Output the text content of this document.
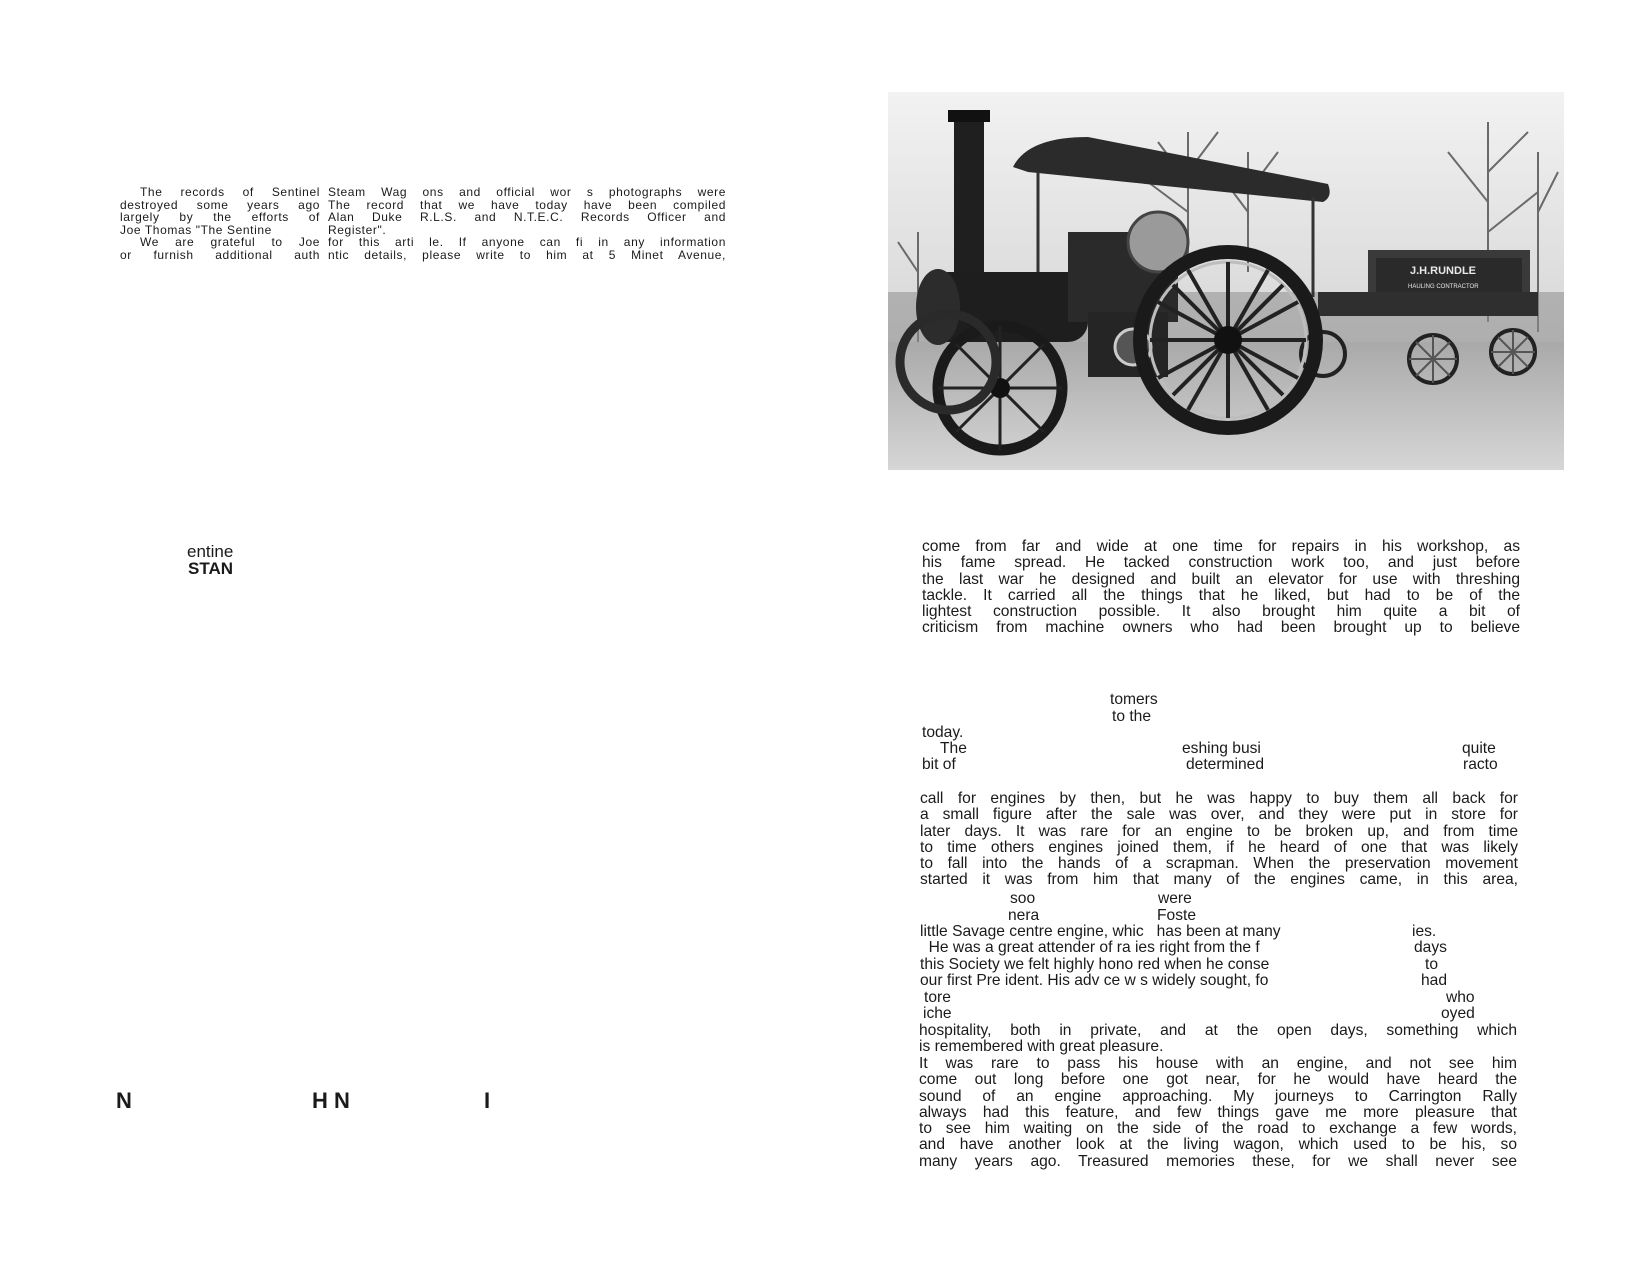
The records of Sentinel
destroyed some years ago
largely by the efforts of
Joe Thomas "The Sentine
We are grateful to Joe
or furnish additional auth
Steam Wag ons and official wor s photographs were
The record that we have today have been compiled
Alan Duke R.L.S. and N.T.E.C. Records Officer and
Register".
for this arti le. If anyone can fi in any information
ntic details, please write to him at 5 Minet Avenue,
entine
STAN
N	H N	I
J.H.RUNDLE
HAULING CONTRACTOR
come from far and wide at one time for repairs in his workshop, as
his fame spread. He tacked construction work too, and just before
the last war he designed and built an elevator for use with threshing
tackle. It carried all the things that he liked, but had to be of the
lightest construction possible. It also brought him quite a bit of
criticism from machine owners who had been brought up to believe
tomers
to the
today.
The	eshing busi	quite
bit of	determined	racto
call for engines by then, but he was happy to buy them all back for
a small figure after the sale was over, and they were put in store for
later days. It was rare for an engine to be broken up, and from time
to time others engines joined them, if he heard of one that was likely
to fall into the hands of a scrapman. When the preservation movement
started it was from him that many of the engines came, in this area,
soo	were
nera	Foste
little Savage centre engine, whic   has been at many	ies.
He was a great attender of ra ies right from the f	days
this Society we felt highly hono red when he conse	to
our first Pre ident. His adv ce w s widely sought, fo	had
tore	who
iche	oyed
hospitality, both in private, and at the open days, something which
is remembered with great pleasure.
It was rare to pass his house with an engine, and not see him
come out long before one got near, for he would have heard the
sound of an engine approaching. My journeys to Carrington Rally
always had this feature, and few things gave me more pleasure that
to see him waiting on the side of the road to exchange a few words,
and have another look at the living wagon, which used to be his, so
many years ago. Treasured memories these, for we shall never see
